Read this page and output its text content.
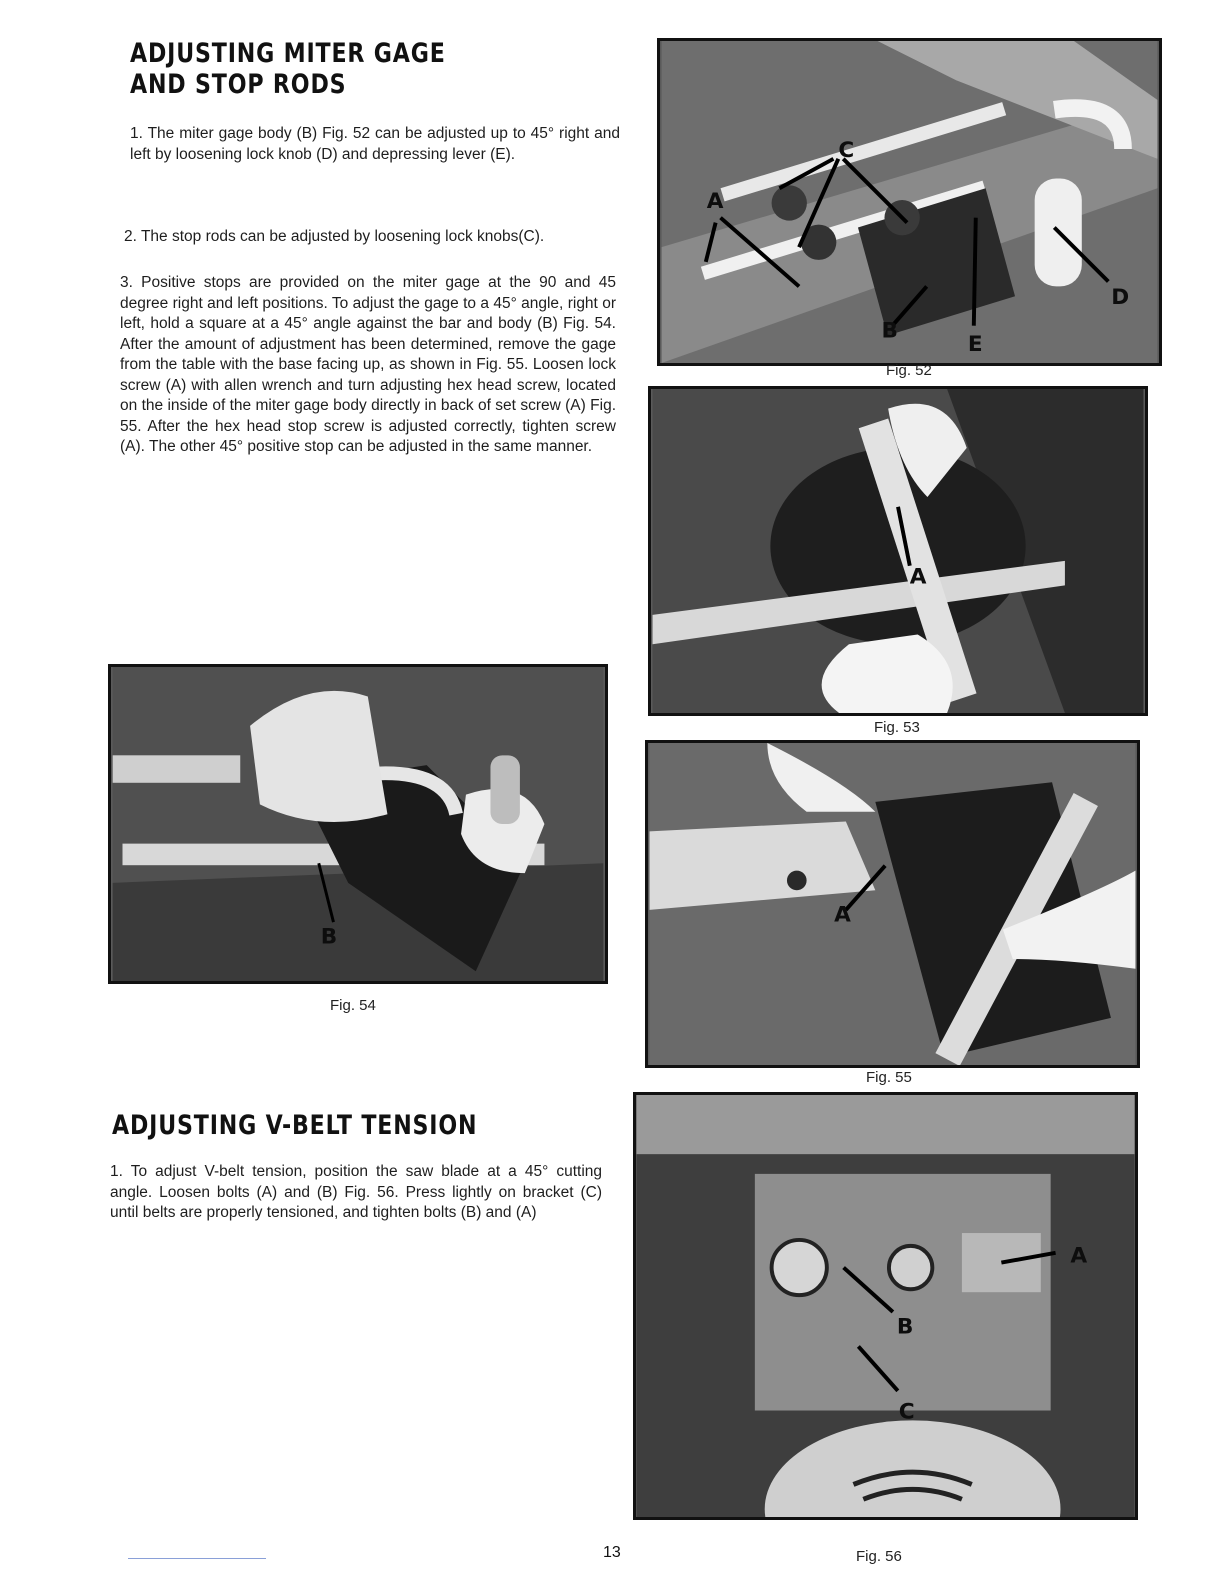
ADJUSTING MITER GAGE
AND STOP RODS

1. The miter gage body (B) Fig. 52 can be adjusted up to 45° right and left by loosening lock knob (D) and depressing lever (E).

2. The stop rods can be adjusted by loosening lock knobs(C).

3. Positive stops are provided on the miter gage at the 90 and 45 degree right and left positions. To adjust the gage to a 45° angle, right or left, hold a square at a 45° angle against the bar and body (B) Fig. 54. After the amount of adjustment has been determined, remove the gage from the table with the base facing up, as shown in Fig. 55. Loosen lock screw (A) with allen wrench and turn adjusting hex head screw, located on the inside of the miter gage body directly in back of set screw (A) Fig. 55. After the hex head stop screw is adjusted correctly, tighten screw (A). The other 45° positive stop can be adjusted in the same manner.

A
C
B
E
D
Fig. 52
A
Fig. 53
B
Fig. 54
A
Fig. 55
ADJUSTING V-BELT TENSION

1. To adjust V-belt tension, position the saw blade at a 45° cutting angle. Loosen bolts (A) and (B) Fig. 56. Press lightly on bracket (C) until belts are properly tensioned, and tighten bolts (B) and (A)

A
B
C
Fig. 56
13
